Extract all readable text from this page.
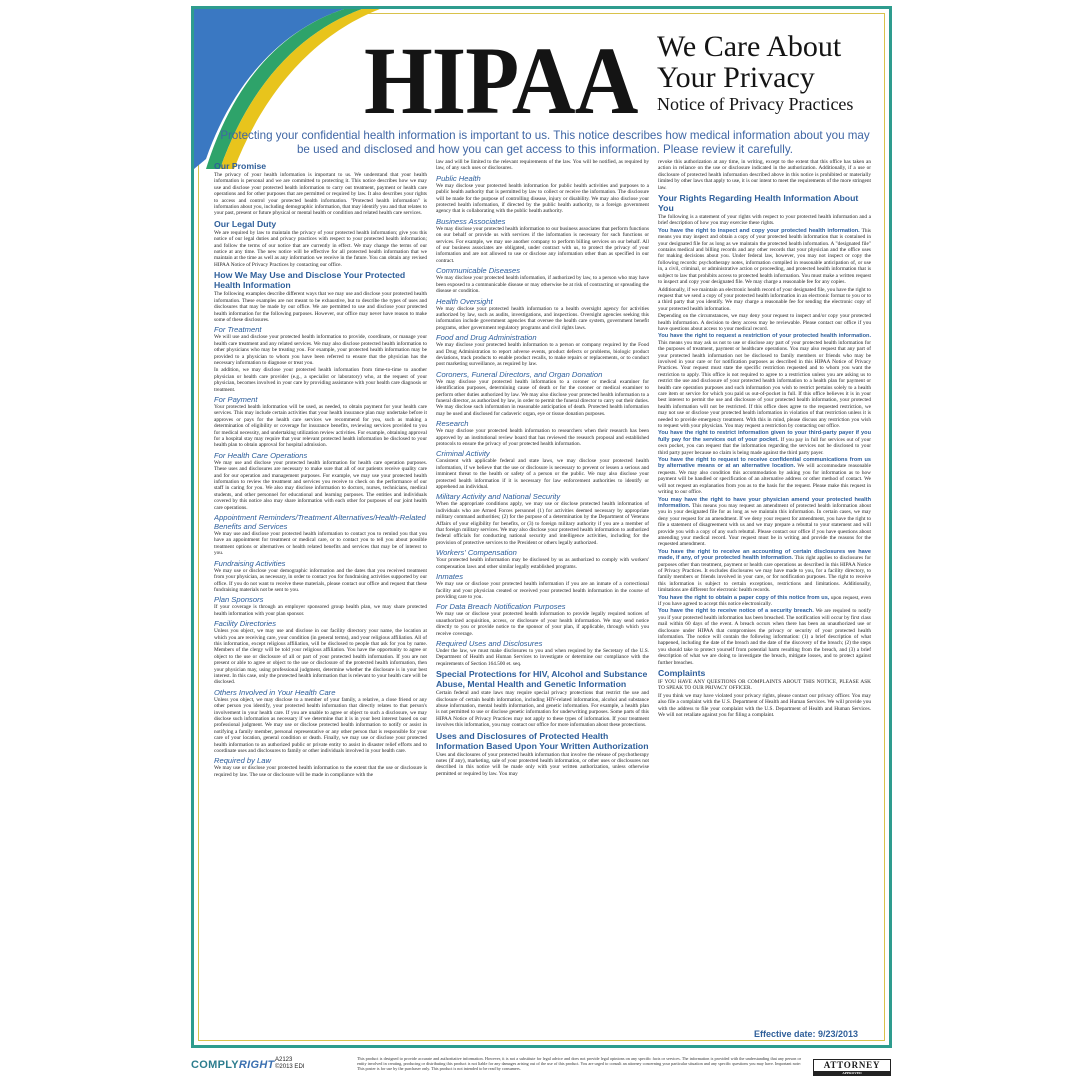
HIPAA We Care About
Your Privacy
Notice of Privacy Practices
Protecting your confidential health information is important to us. This notice describes how medical information about you may be used and disclosed and how you can get access to this information. Please review it carefully.
Our Promise

The privacy of your health information is important to us. We understand that your health information is personal and we are committed to protecting it. This notice describes how we may use and disclose your protected health information to carry out treatment, payment or health care operations and for other purposes that are permitted or required by law. It also describes your rights to access and control your protected health information. "Protected health information" is information about you, including demographic information, that may identify you and that relates to your past, present or future physical or mental health or condition and related health care services.

Our Legal Duty

We are required by law to maintain the privacy of your protected health information; give you this notice of our legal duties and privacy practices with respect to your protected health information; and follow the terms of our notice that are currently in effect. We may change the terms of our notice at any time. The new notice will be effective for all protected health information that we maintain at the time as well as any information we receive in the future. You can obtain any revised HIPAA Notice of Privacy Practices by contacting our office.

How We May Use and Disclose Your Protected Health Information

The following examples describe different ways that we may use and disclose your protected health information. These examples are not meant to be exhaustive, but to describe the types of uses and disclosures that may be made by our office. We are permitted to use and disclose your protected health information for the following purposes. However, our office may never have reason to make some of these disclosures.

For Treatment

We will use and disclose your protected health information to provide, coordinate, or manage your health care treatment and any related services. We may also disclose protected health information to other physicians who may be treating you. For example, your protected health information may be provided to a physician to whom you have been referred to ensure that the physician has the necessary information to diagnose or treat you.

In addition, we may disclose your protected health information from time-to-time to another physician or health care provider (e.g., a specialist or laboratory) who, at the request of your physician, becomes involved in your care by providing assistance with your health care diagnosis or treatment.

For Payment

Your protected health information will be used, as needed, to obtain payment for your health care services. This may include certain activities that your health insurance plan may undertake before it approves or pays for the health care services we recommend for you, such as making a determination of eligibility or coverage for insurance benefits, reviewing services provided to you for medical necessity, and undertaking utilization review activities. For example, obtaining approval for a hospital stay may require that your relevant protected health information be disclosed to your health plan to obtain approval for hospital admission.

For Health Care Operations

We may use and disclose your protected health information for health care operation purposes. These uses and disclosures are necessary to make sure that all of our patients receive quality care and for our operation and management purposes. For example, we may use your protected health information to review the treatment and services you receive to check on the performance of our staff in caring for you. We also may disclose information to doctors, nurses, technicians, medical students, and other personnel for educational and learning purposes. The entities and individuals covered by this notice also may share information with each other for purposes of our joint health care operations.

Appointment Reminders/Treatment Alternatives/Health-Related Benefits and Services

We may use and disclose your protected health information to contact you to remind you that you have an appointment for treatment or medical care, or to contact you to tell you about possible treatment options or alternatives or health related benefits and services that may be of interest to you.

Fundraising Activities

We may use or disclose your demographic information and the dates that you received treatment from your physician, as necessary, in order to contact you for fundraising activities supported by our office. If you do not want to receive these materials, please contact our office and request that these fundraising materials not be sent to you.

Plan Sponsors

If your coverage is through an employer sponsored group health plan, we may share protected health information with your plan sponsor.

Facility Directories

Unless you object, we may use and disclose in our facility directory your name, the location at which you are receiving care, your condition (in general terms), and your religious affiliation. All of this information, except religious affiliation, will be disclosed to people that ask for you by name. Members of the clergy will be told your religious affiliation. You have the opportunity to agree or object to the use or disclosure of all or part of your protected health information. If you are not present or able to agree or object to the use or disclosure of the protected health information, then your physician may, using professional judgment, determine whether the disclosure is in your best interest. In this case, only the protected health information that is relevant to your health care will be disclosed.

Others Involved in Your Health Care

Unless you object, we may disclose to a member of your family, a relative, a close friend or any other person you identify, your protected health information that directly relates to that person's involvement in your health care. If you are unable to agree or object to such a disclosure, we may disclose such information as necessary if we determine that it is in your best interest based on our professional judgment. We may use or disclose protected health information to notify or assist in notifying a family member, personal representative or any other person that is responsible for your care of your location, general condition or death. Finally, we may use or disclose your protected health information to an authorized public or private entity to assist in disaster relief efforts and to coordinate uses and disclosures to family or other individuals involved in your health care.

Required by Law

We may use or disclose your protected health information to the extent that the use or disclosure is required by law. The use or disclosure will be made in compliance with the

law and will be limited to the relevant requirements of the law. You will be notified, as required by law, of any such uses or disclosures.

Public Health

We may disclose your protected health information for public health activities and purposes to a public health authority that is permitted by law to collect or receive the information. The disclosure will be made for the purpose of controlling disease, injury or disability. We may also disclose your protected health information, if directed by the public health authority, to a foreign government agency that is collaborating with the public health authority.

Business Associates

We may disclose your protected health information to our business associates that perform functions on our behalf or provide us with services if the information is necessary for such functions or services. For example, we may use another company to perform billing services on our behalf. All of our business associates are obligated, under contract with us, to protect the privacy of your information and are not allowed to use or disclose any information other than as specified in our contract.

Communicable Diseases

We may disclose your protected health information, if authorized by law, to a person who may have been exposed to a communicable disease or may otherwise be at risk of contracting or spreading the disease or condition.

Health Oversight

We may disclose your protected health information to a health oversight agency for activities authorized by law, such as audits, investigations, and inspections. Oversight agencies seeking this information include government agencies that oversee the health care system, government benefit programs, other government regulatory programs and civil rights laws.

Food and Drug Administration

We may disclose your protected health information to a person or company required by the Food and Drug Administration to report adverse events, product defects or problems, biologic product deviations, track products to enable product recalls, to make repairs or replacements, or to conduct post marketing surveillance, as required by law.

Coroners, Funeral Directors, and Organ Donation

We may disclose your protected health information to a coroner or medical examiner for identification purposes, determining cause of death or for the coroner or medical examiner to perform other duties authorized by law. We may also disclose your protected health information to a funeral director, as authorized by law, in order to permit the funeral director to carry out their duties. We may disclose such information in reasonable anticipation of death. Protected health information may be used and disclosed for cadaveric organ, eye or tissue donation purposes.

Research

We may disclose your protected health information to researchers when their research has been approved by an institutional review board that has reviewed the research proposal and established protocols to ensure the privacy of your protected health information.

Criminal Activity

Consistent with applicable federal and state laws, we may disclose your protected health information, if we believe that the use or disclosure is necessary to prevent or lessen a serious and imminent threat to the health or safety of a person or the public. We may also disclose your protected health information if it is necessary for law enforcement authorities to identify or apprehend an individual.

Military Activity and National Security

When the appropriate conditions apply, we may use or disclose protected health information of individuals who are Armed Forces personnel (1) for activities deemed necessary by appropriate military command authorities; (2) for the purpose of a determination by the Department of Veterans Affairs of your eligibility for benefits, or (3) to foreign military authority if you are a member of that foreign military services. We may also disclose your protected health information to authorized federal officials for conducting national security and intelligence activities, including for the provision of protective services to the President or others legally authorized.

Workers' Compensation

Your protected health information may be disclosed by us as authorized to comply with workers' compensation laws and other similar legally established programs.

Inmates

We may use or disclose your protected health information if you are an inmate of a correctional facility and your physician created or received your protected health information in the course of providing care to you.

For Data Breach Notification Purposes

We may use or disclose your protected health information to provide legally required notices of unauthorized acquisition, access, or disclosure of your health information. We may send notice directly to you or provide notice to the sponsor of your plan, if applicable, through which you receive coverage.

Required Uses and Disclosures

Under the law, we must make disclosures to you and when required by the Secretary of the U.S. Department of Health and Human Services to investigate or determine our compliance with the requirements of Section 164.500 et. seq.

Special Protections for HIV, Alcohol and Substance Abuse, Mental Health and Genetic Information

Certain federal and state laws may require special privacy protections that restrict the use and disclosure of certain health information, including HIV-related information, alcohol and substance abuse information, mental health information, and genetic information. For example, a health plan is not permitted to use or disclose genetic information for underwriting purposes. Some parts of this HIPAA Notice of Privacy Practices may not apply to these types of information. If your treatment involves this information, you may contact our office for more information about these protections.

Uses and Disclosures of Protected Health Information Based Upon Your Written Authorization

Uses and disclosures of your protected health information that involve the release of psychotherapy notes (if any), marketing, sale of your protected health information, or other uses or disclosures not described in this notice will be made only with your written authorization, unless otherwise permitted or required by law. You may

revoke this authorization at any time, in writing, except to the extent that this office has taken an action in reliance on the use or disclosure indicated in the authorization. Additionally, if a use or disclosure of protected health information described above in this notice is prohibited or materially limited by other laws that apply to use, it is our intent to meet the requirements of the more stringent law.

Your Rights Regarding Health Information About You

The following is a statement of your rights with respect to your protected health information and a brief description of how you may exercise these rights.

You have the right to inspect and copy your protected health information. This means you may inspect and obtain a copy of your protected health information that is contained in your designated file for as long as we maintain the protected health information. A "designated file" contains medical and billing records and any other records that your physician and the office uses for making decisions about you. Under federal law, however, you may not inspect or copy the following records: psychotherapy notes, information compiled in reasonable anticipation of, or use in, a civil, criminal, or administrative action or proceeding, and protected health information that is subject to law that prohibits access to protected health information. You must make a written request to inspect and copy your designated file. We may charge a reasonable fee for any copies.

Additionally, if we maintain an electronic health record of your designated file, you have the right to request that we send a copy of your protected health information in an electronic format to you or to a third party that you identify. We may charge a reasonable fee for sending the electronic copy of your protected health information.

Depending on the circumstances, we may deny your request to inspect and/or copy your protected health information. A decision to deny access may be reviewable. Please contact our office if you have questions about access to your medical record.

You have the right to request a restriction of your protected health information. This means you may ask us not to use or disclose any part of your protected health information for the purposes of treatment, payment or healthcare operations. You may also request that any part of your protected health information not be disclosed to family members or friends who may be involved in your care or for notification purposes as described in this HIPAA Notice of Privacy Practices. Your request must state the specific restriction requested and to whom you want the restriction to apply. This office is not required to agree to a restriction unless you are asking us to restrict the use and disclosure of your protected health information to a health plan for payment or health care operation purposes and such information you wish to restrict pertains solely to a health care item or service for which you paid us out-of-pocket in full. If this office believes it is in your best interest to permit the use and disclosure of your protected health information, your protected health information will not be restricted. If this office does agree to the requested restriction, we may not use or disclose your protected health information in violation of that restriction unless it is needed to provide emergency treatment. With this in mind, please discuss any restriction you wish to request with your physician. You may request a restriction by contacting our office.

You have the right to restrict information given to your third-party payer if you fully pay for the services out of your pocket. If you pay in full for services out of your own pocket, you can request that the information regarding the services not be disclosed to your third party payer because no claim is being made against the third party payer.

You have the right to request to receive confidential communications from us by alternative means or at an alternative location. We will accommodate reasonable requests. We may also condition this accommodation by asking you for information as to how payment will be handled or specification of an alternative address or other method of contact. We will not request an explanation from you as to the basis for the request. Please make this request in writing to our office.

You may have the right to have your physician amend your protected health information. This means you may request an amendment of protected health information about you in your designated file for as long as we maintain this information. In certain cases, we may deny your request for an amendment. If we deny your request for amendment, you have the right to file a statement of disagreement with us and we may prepare a rebuttal to your statement and will provide you with a copy of any such rebuttal. Please contact our office if you have questions about amending your medical record. Your request must be in writing and provide the reasons for the requested amendment.

You have the right to receive an accounting of certain disclosures we have made, if any, of your protected health information. This right applies to disclosures for purposes other than treatment, payment or health care operations as described in this HIPAA Notice of Privacy Practices. It excludes disclosures we may have made to you, for a facility directory, to family members or friends involved in your care, or for notification purposes. The right to receive this information is subject to certain exceptions, restrictions and limitations. Additionally, limitations are different for electronic health records.

You have the right to obtain a paper copy of this notice from us, upon request, even if you have agreed to accept this notice electronically.

You have the right to receive notice of a security breach. We are required to notify you if your protected health information has been breached. The notification will occur by first class mail within 60 days of the event. A breach occurs when there has been an unauthorized use or disclosure under HIPAA that compromises the privacy or security of your protected health information. The notice will contain the following information: (1) a brief description of what happened, including the date of the breach and the date of the discovery of the breach; (2) the steps you should take to protect yourself from potential harm resulting from the breach, and (3) a brief description of what we are doing to investigate the breach, mitigate losses, and to protect against further breaches.

Complaints

IF YOU HAVE ANY QUESTIONS OR COMPLAINTS ABOUT THIS NOTICE, PLEASE ASK TO SPEAK TO OUR PRIVACY OFFICER.

If you think we may have violated your privacy rights, please contact our privacy officer. You may also file a complaint with the U.S. Department of Health and Human Services. We will provide you with the address to file your complaint with the U.S. Department of Health and Human Services. We will not retaliate against you for filing a complaint.

Effective date: 9/23/2013
COMPLYRIGHT A2123
©2013 EDI
This product is designed to provide accurate and authoritative information. However, it is not a substitute for legal advice and does not provide legal opinions on any specific facts or services. The information is provided with the understanding that any person or entity involved in creating, producing or distributing this product is not liable for any damages arising out of the use of this product. You are urged to consult an attorney concerning your particular situation and any specific questions you may have. Important note: This poster is for use by the purchaser only. This product is not intended to be read by consumers.	ATTORNEY
APPROVED
